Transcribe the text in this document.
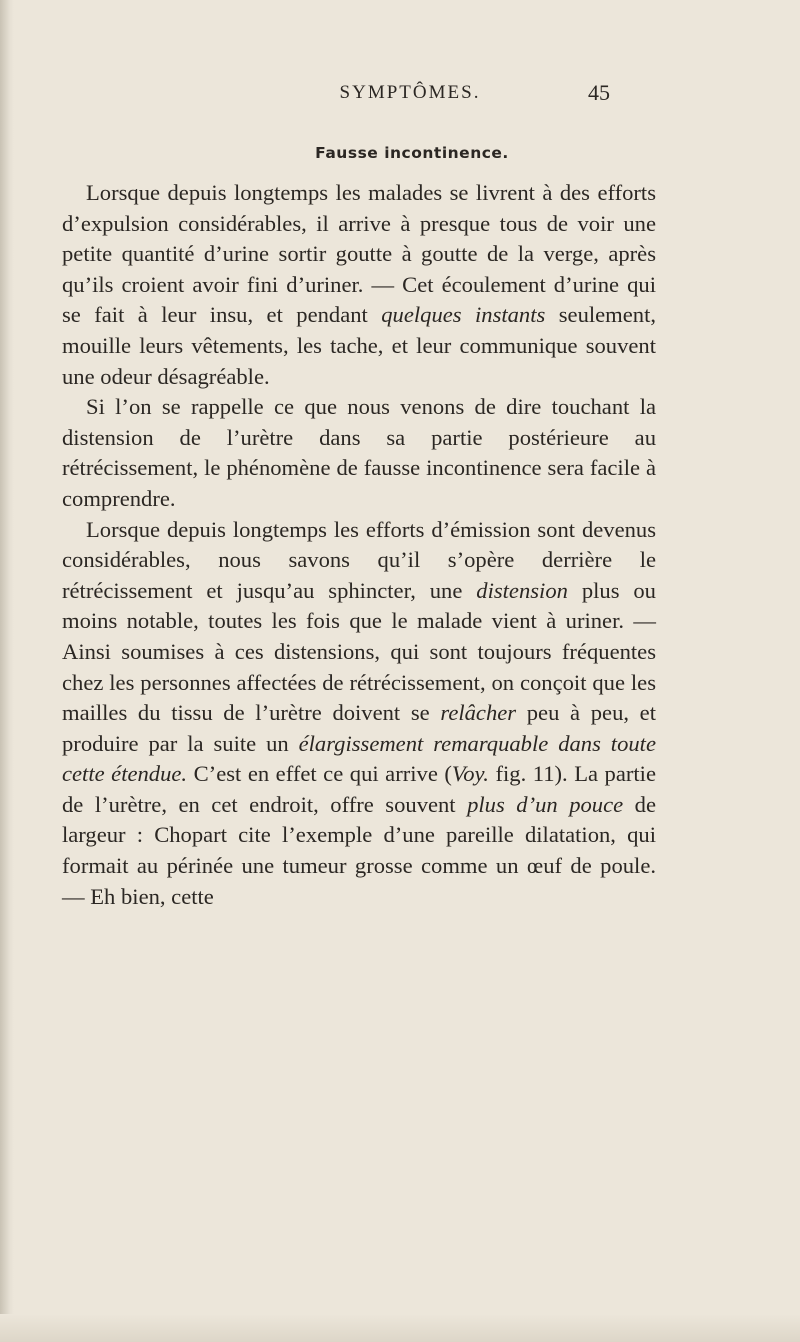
SYMPTÔMES.	45
Fausse incontinence.

Lorsque depuis longtemps les malades se livrent à des efforts d’expulsion considérables, il arrive à presque tous de voir une petite quantité d’urine sortir goutte à goutte de la verge, après qu’ils croient avoir fini d’uriner. — Cet écoulement d’urine qui se fait à leur insu, et pendant quelques instants seulement, mouille leurs vêtements, les tache, et leur communique souvent une odeur désagréable.

Si l’on se rappelle ce que nous venons de dire touchant la distension de l’urètre dans sa partie postérieure au rétrécissement, le phénomène de fausse incontinence sera facile à comprendre.

Lorsque depuis longtemps les efforts d’émission sont devenus considérables, nous savons qu’il s’opère derrière le rétrécissement et jusqu’au sphincter, une distension plus ou moins notable, toutes les fois que le malade vient à uriner. — Ainsi soumises à ces distensions, qui sont toujours fréquentes chez les personnes affectées de rétrécissement, on conçoit que les mailles du tissu de l’urètre doivent se relâcher peu à peu, et produire par la suite un élargissement remarquable dans toute cette étendue. C’est en effet ce qui arrive (Voy. fig. 11). La partie de l’urètre, en cet endroit, offre souvent plus d’un pouce de largeur : Chopart cite l’exemple d’une pareille dilatation, qui formait au périnée une tumeur grosse comme un œuf de poule. — Eh bien, cette
